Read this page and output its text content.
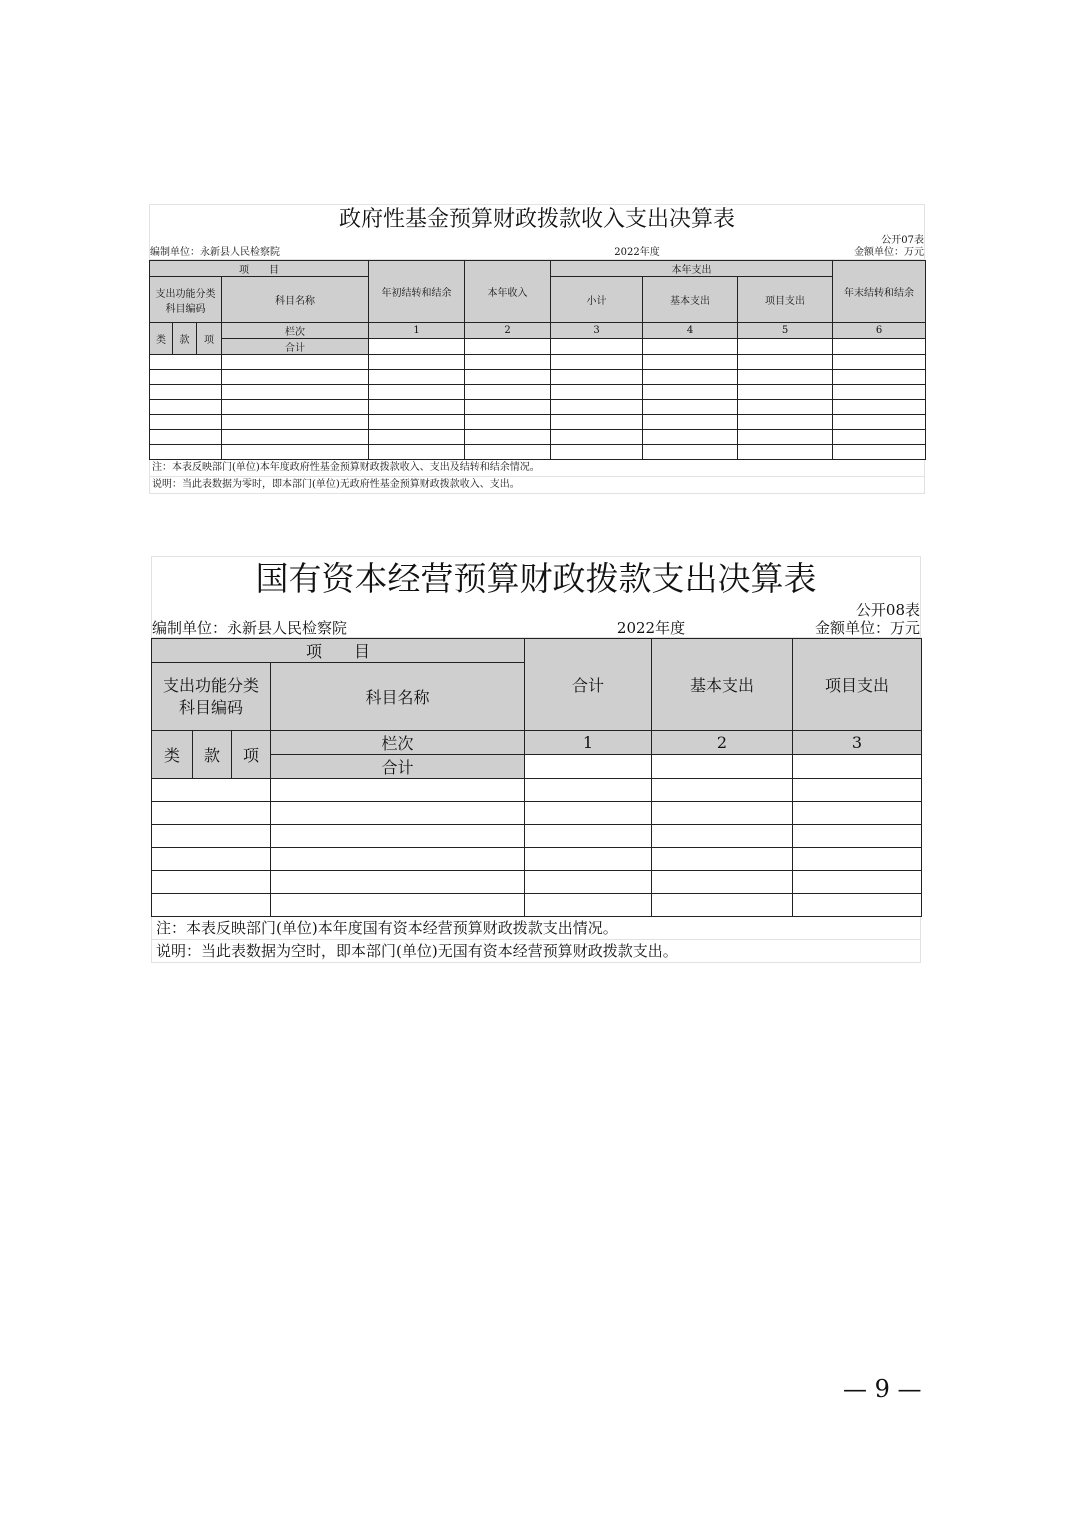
政府性基金预算财政拨款收入支出决算表
公开07表
编制单位：永新县人民检察院	2022年度	金额单位：万元
项　　目				年初结转和结余	本年收入	本年支出			年末结转和结余
支出功能分类科目编码			科目名称			小计	基本支出	项目支出	
类	款	项	栏次	1	2	3	4	5	6
			合计						

注：本表反映部门(单位)本年度政府性基金预算财政拨款收入、支出及结转和结余情况。
说明：当此表数据为零时，即本部门(单位)无政府性基金预算财政拨款收入、支出。
国有资本经营预算财政拨款支出决算表
公开08表
编制单位：永新县人民检察院	2022年度	金额单位：万元
项　　目				合计	基本支出	项目支出
支出功能分类科目编码			科目名称			
类	款	项	栏次	1	2	3
			合计			

注：本表反映部门(单位)本年度国有资本经营预算财政拨款支出情况。
说明：当此表数据为空时，即本部门(单位)无国有资本经营预算财政拨款支出。
— 9 —
